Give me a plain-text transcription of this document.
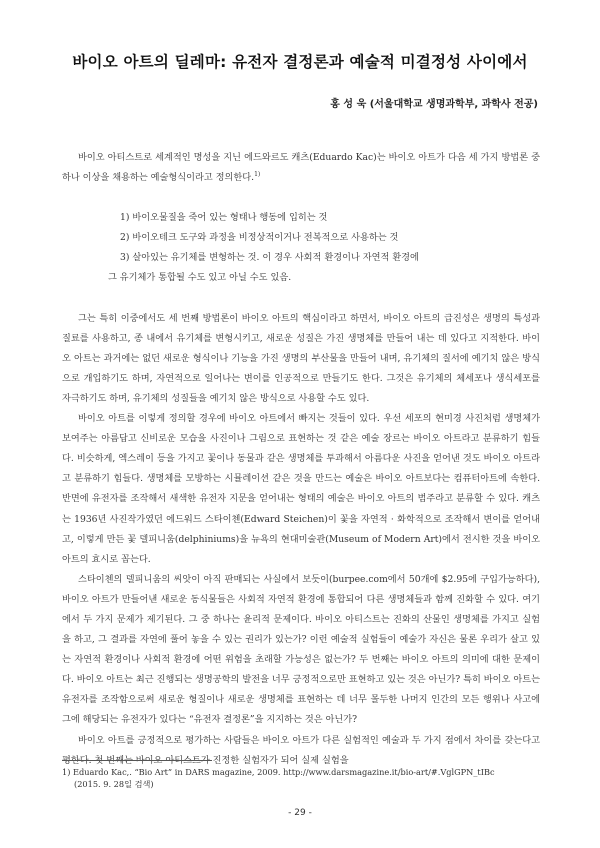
바이오 아트의 딜레마: 유전자 결정론과 예술적 미결정성 사이에서
홍 성 욱 (서울대학교 생명과학부, 과학사 전공)

바이오 아티스트로 세계적인 명성을 지닌 에드와르도 캐츠(Eduardo Kac)는 바이오 아트가 다음 세 가지 방법론 중 하나 이상을 채용하는 예술형식이라고 정의한다.$^{1)}$

1) 바이오물질을 죽어 있는 형태나 행동에 입히는 것
2) 바이오테크 도구와 과정을 비정상적이거나 전복적으로 사용하는 것
3) 살아있는 유기체를 변형하는 것. 이 경우 사회적 환경이나 자연적 환경에
그 유기체가 통합될 수도 있고 아닐 수도 있음.

그는 특히 이중에서도 세 번째 방법론이 바이오 아트의 핵심이라고 하면서, 바이오 아트의 급진성은 생명의 특성과 질료를 사용하고, 종 내에서 유기체를 변형시키고, 새로운 성질은 가진 생명체를 만들어 내는 데 있다고 지적한다. 바이오 아트는 과거에는 없던 새로운 형식이나 기능을 가진 생명의 부산물을 만들어 내며, 유기체의 질서에 예기치 않은 방식으로 개입하기도 하며, 자연적으로 일어나는 변이를 인공적으로 만들기도 한다. 그것은 유기체의 체세포나 생식세포를 자극하기도 하며, 유기체의 성질들을 예기치 않은 방식으로 사용할 수도 있다.

바이오 아트를 이렇게 정의할 경우에 바이오 아트에서 빠지는 것들이 있다. 우선 세포의 현미경 사진처럼 생명체가 보여주는 아름답고 신비로운 모습을 사진이나 그림으로 표현하는 것 같은 예술 장르는 바이오 아트라고 분류하기 힘들다. 비슷하게, 엑스레이 등을 가지고 꽃이나 동물과 같은 생명체를 투과해서 아름다운 사진을 얻어낸 것도 바이오 아트라고 분류하기 힘들다. 생명체를 모방하는 시뮬레이션 같은 것을 만드는 예술은 바이오 아트보다는 컴퓨터아트에 속한다. 반면에 유전자를 조작해서 새색한 유전자 지문을 얻어내는 형태의 예술은 바이오 아트의 범주라고 분류할 수 있다. 캐츠는 1936년 사진작가였던 에드워드 스타이첸(Edward Steichen)이 꽃을 자연적 · 화학적으로 조작해서 변이를 얻어내고, 이렇게 만든 꽃 델피니움(delphiniums)을 뉴욕의 현대미술관(Museum of Modern Art)에서 전시한 것을 바이오 아트의 효시로 꼽는다.

스타이첸의 델피니움의 씨앗이 아직 판매되는 사실에서 보듯이(burpee.com에서 50개에 $2.95에 구입가능하다), 바이오 아트가 만들어낸 새로운 동식물들은 사회적 자연적 환경에 통합되어 다른 생명체들과 함께 진화할 수 있다. 여기에서 두 가지 문제가 제기된다. 그 중 하나는 윤리적 문제이다. 바이오 아티스트는 진화의 산물인 생명체를 가지고 실험을 하고, 그 결과를 자연에 풀어 놓을 수 있는 권리가 있는가? 이런 예술적 실험들이 예술가 자신은 물론 우리가 살고 있는 자연적 환경이나 사회적 환경에 어떤 위험을 초래할 가능성은 없는가? 두 번째는 바이오 아트의 의미에 대한 문제이다. 바이오 아트는 최근 진행되는 생명공학의 발전을 너무 긍정적으로만 표현하고 있는 것은 아닌가? 특히 바이오 아트는 유전자를 조작함으로써 새로운 형질이나 새로운 생명체를 표현하는 데 너무 몰두한 나머지 인간의 모든 행위나 사고에 그에 해당되는 유전자가 있다는 “유전자 결정론”을 지지하는 것은 아닌가?

바이오 아트를 긍정적으로 평가하는 사람들은 바이오 아트가 다른 실험적인 예술과 두 가지 점에서 차이를 갖는다고 평한다. 첫 번째는 바이오 아티스트가 진정한 실험자가 되어 실제 실험을

1) Eduardo Kac,. “Bio Art” in DARS magazine, 2009. http://www.darsmagazine.it/bio-art/#.VglGPN_tIBc
(2015. 9. 28일 검색)
- 29 -
